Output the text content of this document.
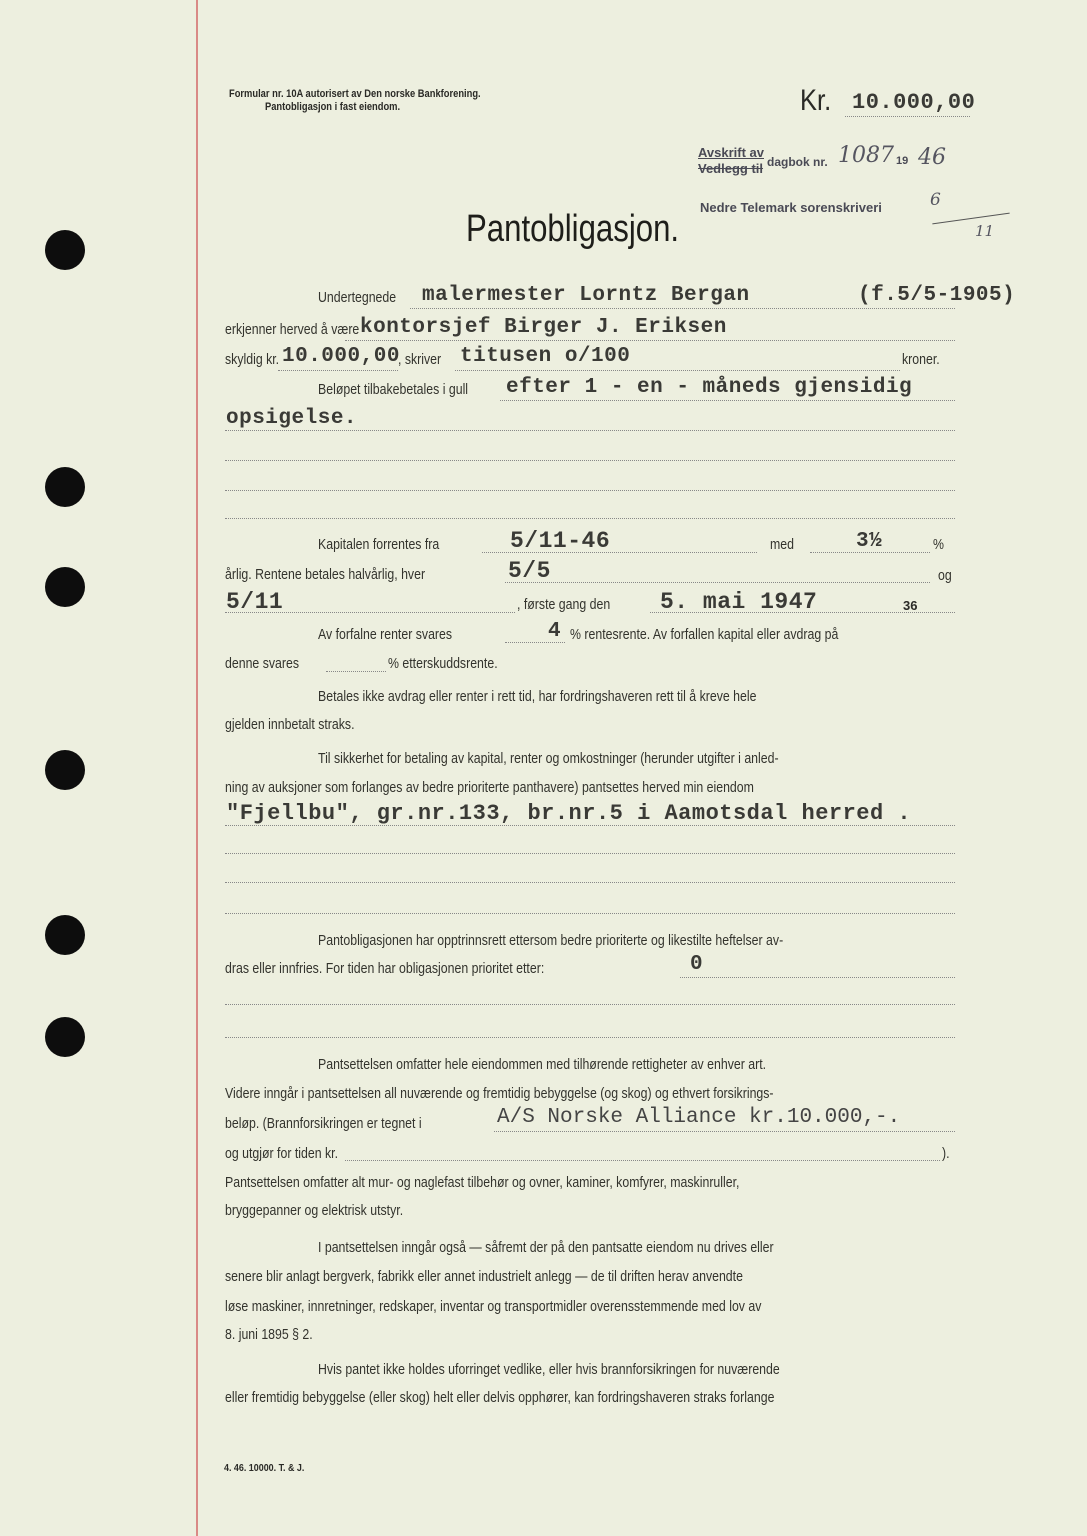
Formular nr. 10A autorisert av Den norske Bankforening.
Pantobligasjon i fast eiendom.	Kr. 10.000,00
Avskrift av
Vedlegg til dagbok nr. 1087 19 46
Nedre Telemark sorenskriveri	6
11
Pantobligasjon.
Undertegnede malermester Lorntz Bergan	(f.5/5-1905)
erkjenner herved å være kontorsjef Birger J. Eriksen
skyldig kr. 10.000,00
, skriver titusen o/100	kroner.
Beløpet tilbakebetales i gull efter 1 - en - måneds gjensidig
opsigelse.
Kapitalen forrentes fra	5/11-46	med	3½	%
årlig. Rentene betales halvårlig, hver	5/5	og
5/11	, første gang den 5. mai 1947	36
Av forfalne renter svares	4 % rentesrente. Av forfallen kapital eller avdrag på
denne svares	% etterskuddsrente.
Betales ikke avdrag eller renter i rett tid, har fordringshaveren rett til å kreve hele
gjelden innbetalt straks.
Til sikkerhet for betaling av kapital, renter og omkostninger (herunder utgifter i anled-
ning av auksjoner som forlanges av bedre prioriterte panthavere) pantsettes herved min eiendom
"Fjellbu", gr.nr.133, br.nr.5 i Aamotsdal herred .
Pantobligasjonen har opptrinnsrett ettersom bedre prioriterte og likestilte heftelser av-
dras eller innfries. For tiden har obligasjonen prioritet etter:	0
Pantsettelsen omfatter hele eiendommen med tilhørende rettigheter av enhver art.
Videre inngår i pantsettelsen all nuværende og fremtidig bebyggelse (og skog) og ethvert forsikrings-
beløp. (Brannforsikringen er tegnet i	A/S Norske Alliance kr.10.000,-.
og utgjør for tiden kr.	).
Pantsettelsen omfatter alt mur- og naglefast tilbehør og ovner, kaminer, komfyrer, maskinruller,
bryggepanner og elektrisk utstyr.
I pantsettelsen inngår også — såfremt der på den pantsatte eiendom nu drives eller
senere blir anlagt bergverk, fabrikk eller annet industrielt anlegg — de til driften herav anvendte
løse maskiner, innretninger, redskaper, inventar og transportmidler overensstemmende med lov av
8. juni 1895 § 2.
Hvis pantet ikke holdes uforringet vedlike, eller hvis brannforsikringen for nuværende
eller fremtidig bebyggelse (eller skog) helt eller delvis opphører, kan fordringshaveren straks forlange
4. 46. 10000. T. & J.
